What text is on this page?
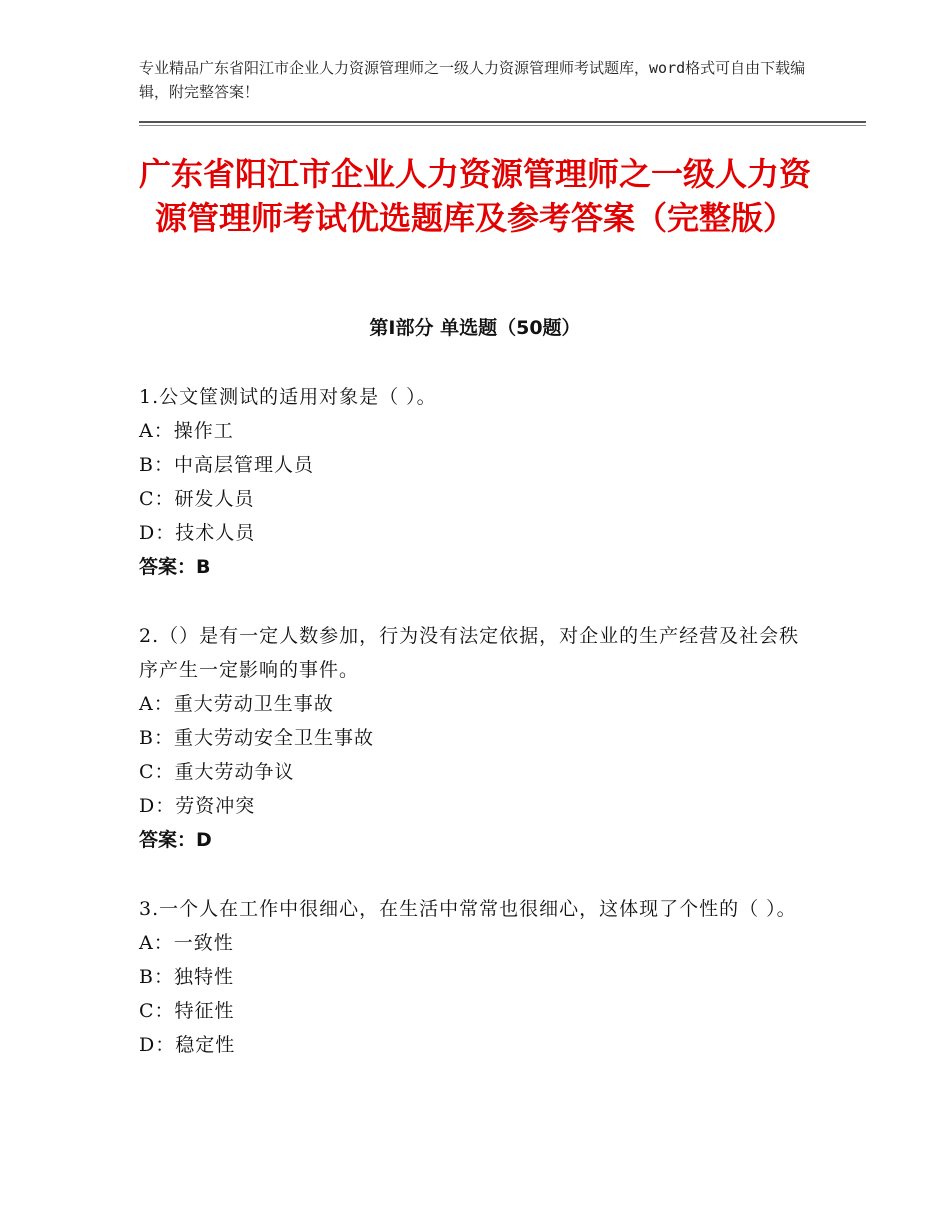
专业精品广东省阳江市企业人力资源管理师之一级人力资源管理师考试题库，word格式可自由下载编辑，附完整答案！
广东省阳江市企业人力资源管理师之一级人力资源管理师考试优选题库及参考答案（完整版）
第Ⅰ部分 单选题（50题）

1.公文筐测试的适用对象是（ ）。

A：操作工

B：中高层管理人员

C：研发人员

D：技术人员

答案：B

2.（）是有一定人数参加，行为没有法定依据，对企业的生产经营及社会秩序产生一定影响的事件。

A：重大劳动卫生事故

B：重大劳动安全卫生事故

C：重大劳动争议

D：劳资冲突

答案：D

3.一个人在工作中很细心，在生活中常常也很细心，这体现了个性的（ ）。

A：一致性

B：独特性

C：特征性

D：稳定性
